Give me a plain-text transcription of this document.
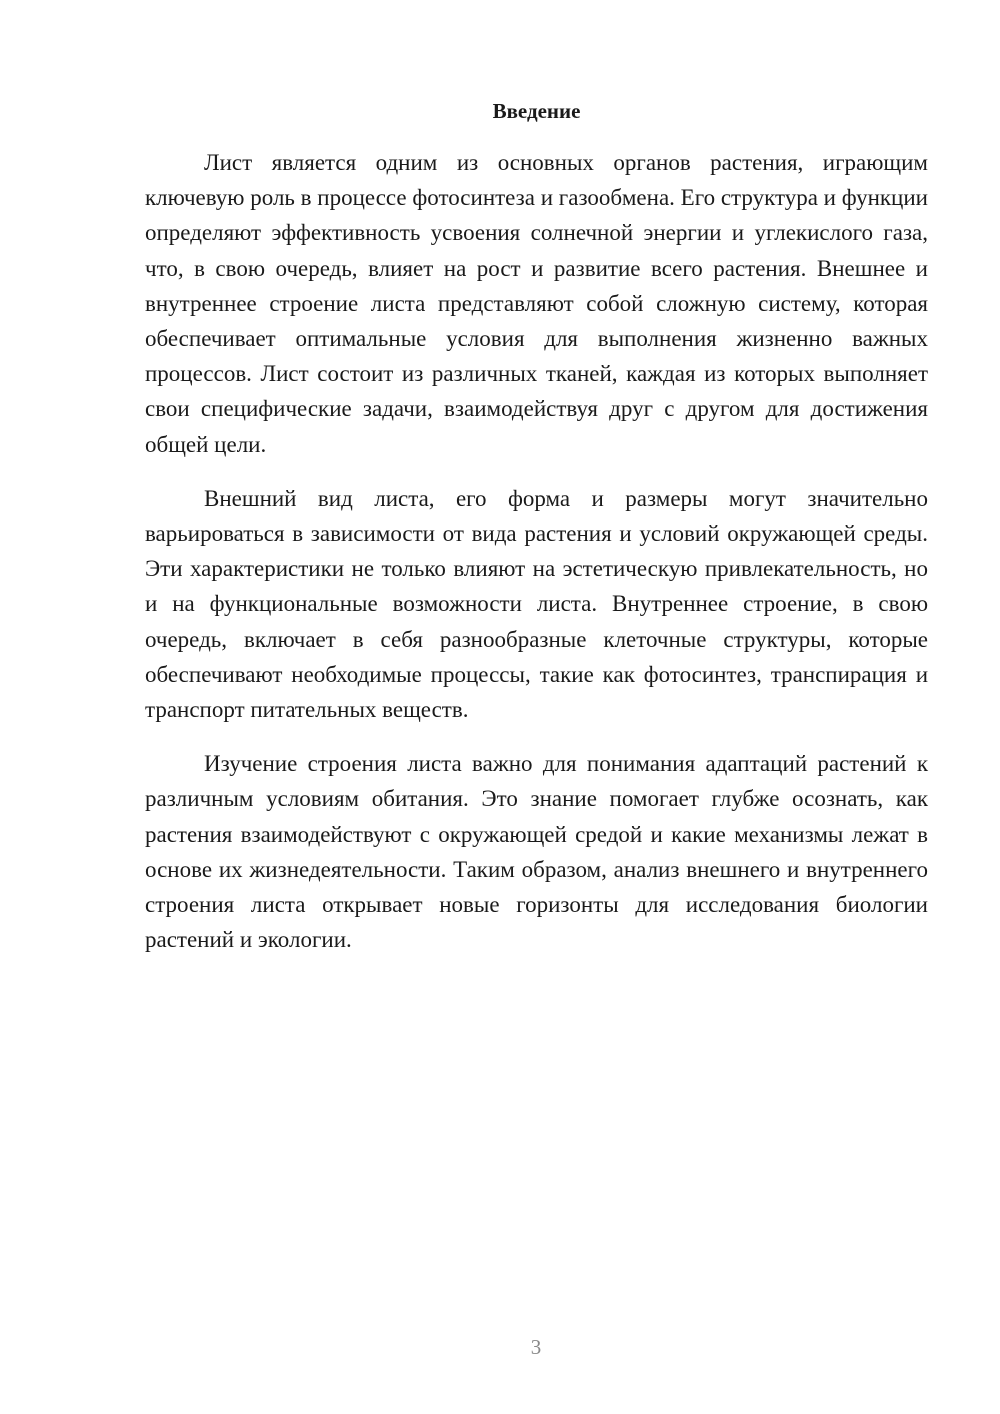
Введение

Лист является одним из основных органов растения, играющим ключевую роль в процессе фотосинтеза и газообмена. Его структура и функции определяют эффективность усвоения солнечной энергии и углекислого газа, что, в свою очередь, влияет на рост и развитие всего растения. Внешнее и внутреннее строение листа представляют собой сложную систему, которая обеспечивает оптимальные условия для выполнения жизненно важных процессов. Лист состоит из различных тканей, каждая из которых выполняет свои специфические задачи, взаимодействуя друг с другом для достижения общей цели.

Внешний вид листа, его форма и размеры могут значительно варьироваться в зависимости от вида растения и условий окружающей среды. Эти характеристики не только влияют на эстетическую привлекательность, но и на функциональные возможности листа. Внутреннее строение, в свою очередь, включает в себя разнообразные клеточные структуры, которые обеспечивают необходимые процессы, такие как фотосинтез, транспирация и транспорт питательных веществ.

Изучение строения листа важно для понимания адаптаций растений к различным условиям обитания. Это знание помогает глубже осознать, как растения взаимодействуют с окружающей средой и какие механизмы лежат в основе их жизнедеятельности. Таким образом, анализ внешнего и внутреннего строения листа открывает новые горизонты для исследования биологии растений и экологии.

3
